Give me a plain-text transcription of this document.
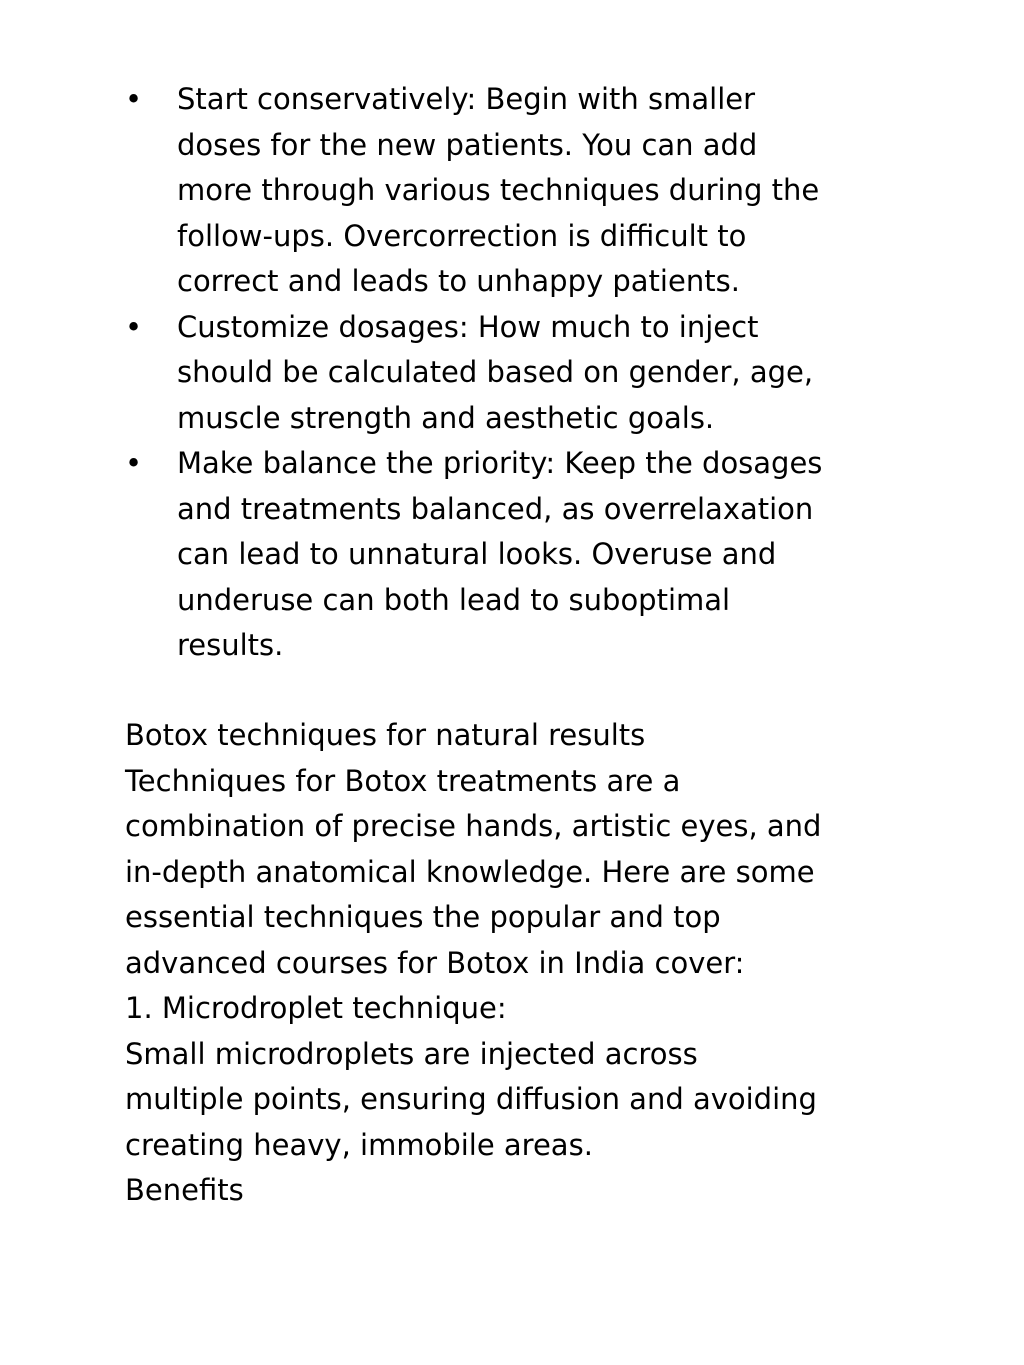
• Start conservatively: Begin with smaller
doses for the new patients. You can add
more through various techniques during the
follow-ups. Overcorrection is difficult to
correct and leads to unhappy patients.
• Customize dosages: How much to inject
should be calculated based on gender, age,
muscle strength and aesthetic goals.
• Make balance the priority: Keep the dosages
and treatments balanced, as overrelaxation
can lead to unnatural looks. Overuse and
underuse can both lead to suboptimal
results.
Botox techniques for natural results
Techniques for Botox treatments are a
combination of precise hands, artistic eyes, and
in-depth anatomical knowledge. Here are some
essential techniques the popular and top
advanced courses for Botox in India cover:
1. Microdroplet technique:
Small microdroplets are injected across
multiple points, ensuring diffusion and avoiding
creating heavy, immobile areas.
Benefits
